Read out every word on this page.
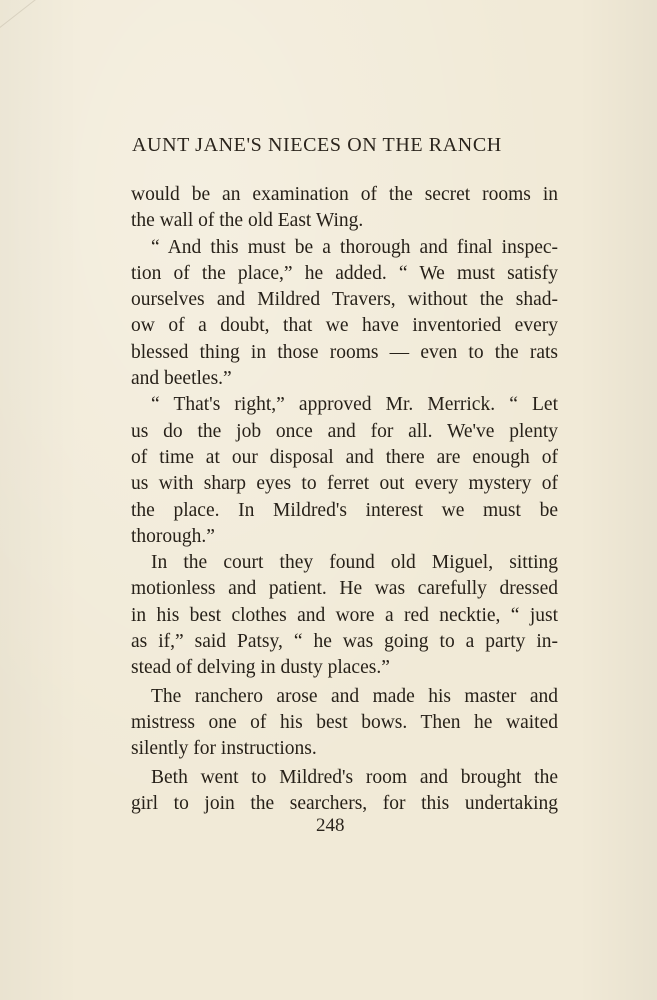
AUNT JANE'S NIECES ON THE RANCH
would be an examination of the secret rooms in
the wall of the old East Wing.
“ And this must be a thorough and final inspec-
tion of the place,” he added. “ We must satisfy
ourselves and Mildred Travers, without the shad-
ow of a doubt, that we have inventoried every
blessed thing in those rooms — even to the rats
and beetles.”
“ That's right,” approved Mr. Merrick. “ Let
us do the job once and for all. We've plenty
of time at our disposal and there are enough of
us with sharp eyes to ferret out every mystery of
the place. In Mildred's interest we must be
thorough.”
In the court they found old Miguel, sitting
motionless and patient. He was carefully dressed
in his best clothes and wore a red necktie, “ just
as if,” said Patsy, “ he was going to a party in-
stead of delving in dusty places.”
The ranchero arose and made his master and
mistress one of his best bows. Then he waited
silently for instructions.
Beth went to Mildred's room and brought the
girl to join the searchers, for this undertaking
248
